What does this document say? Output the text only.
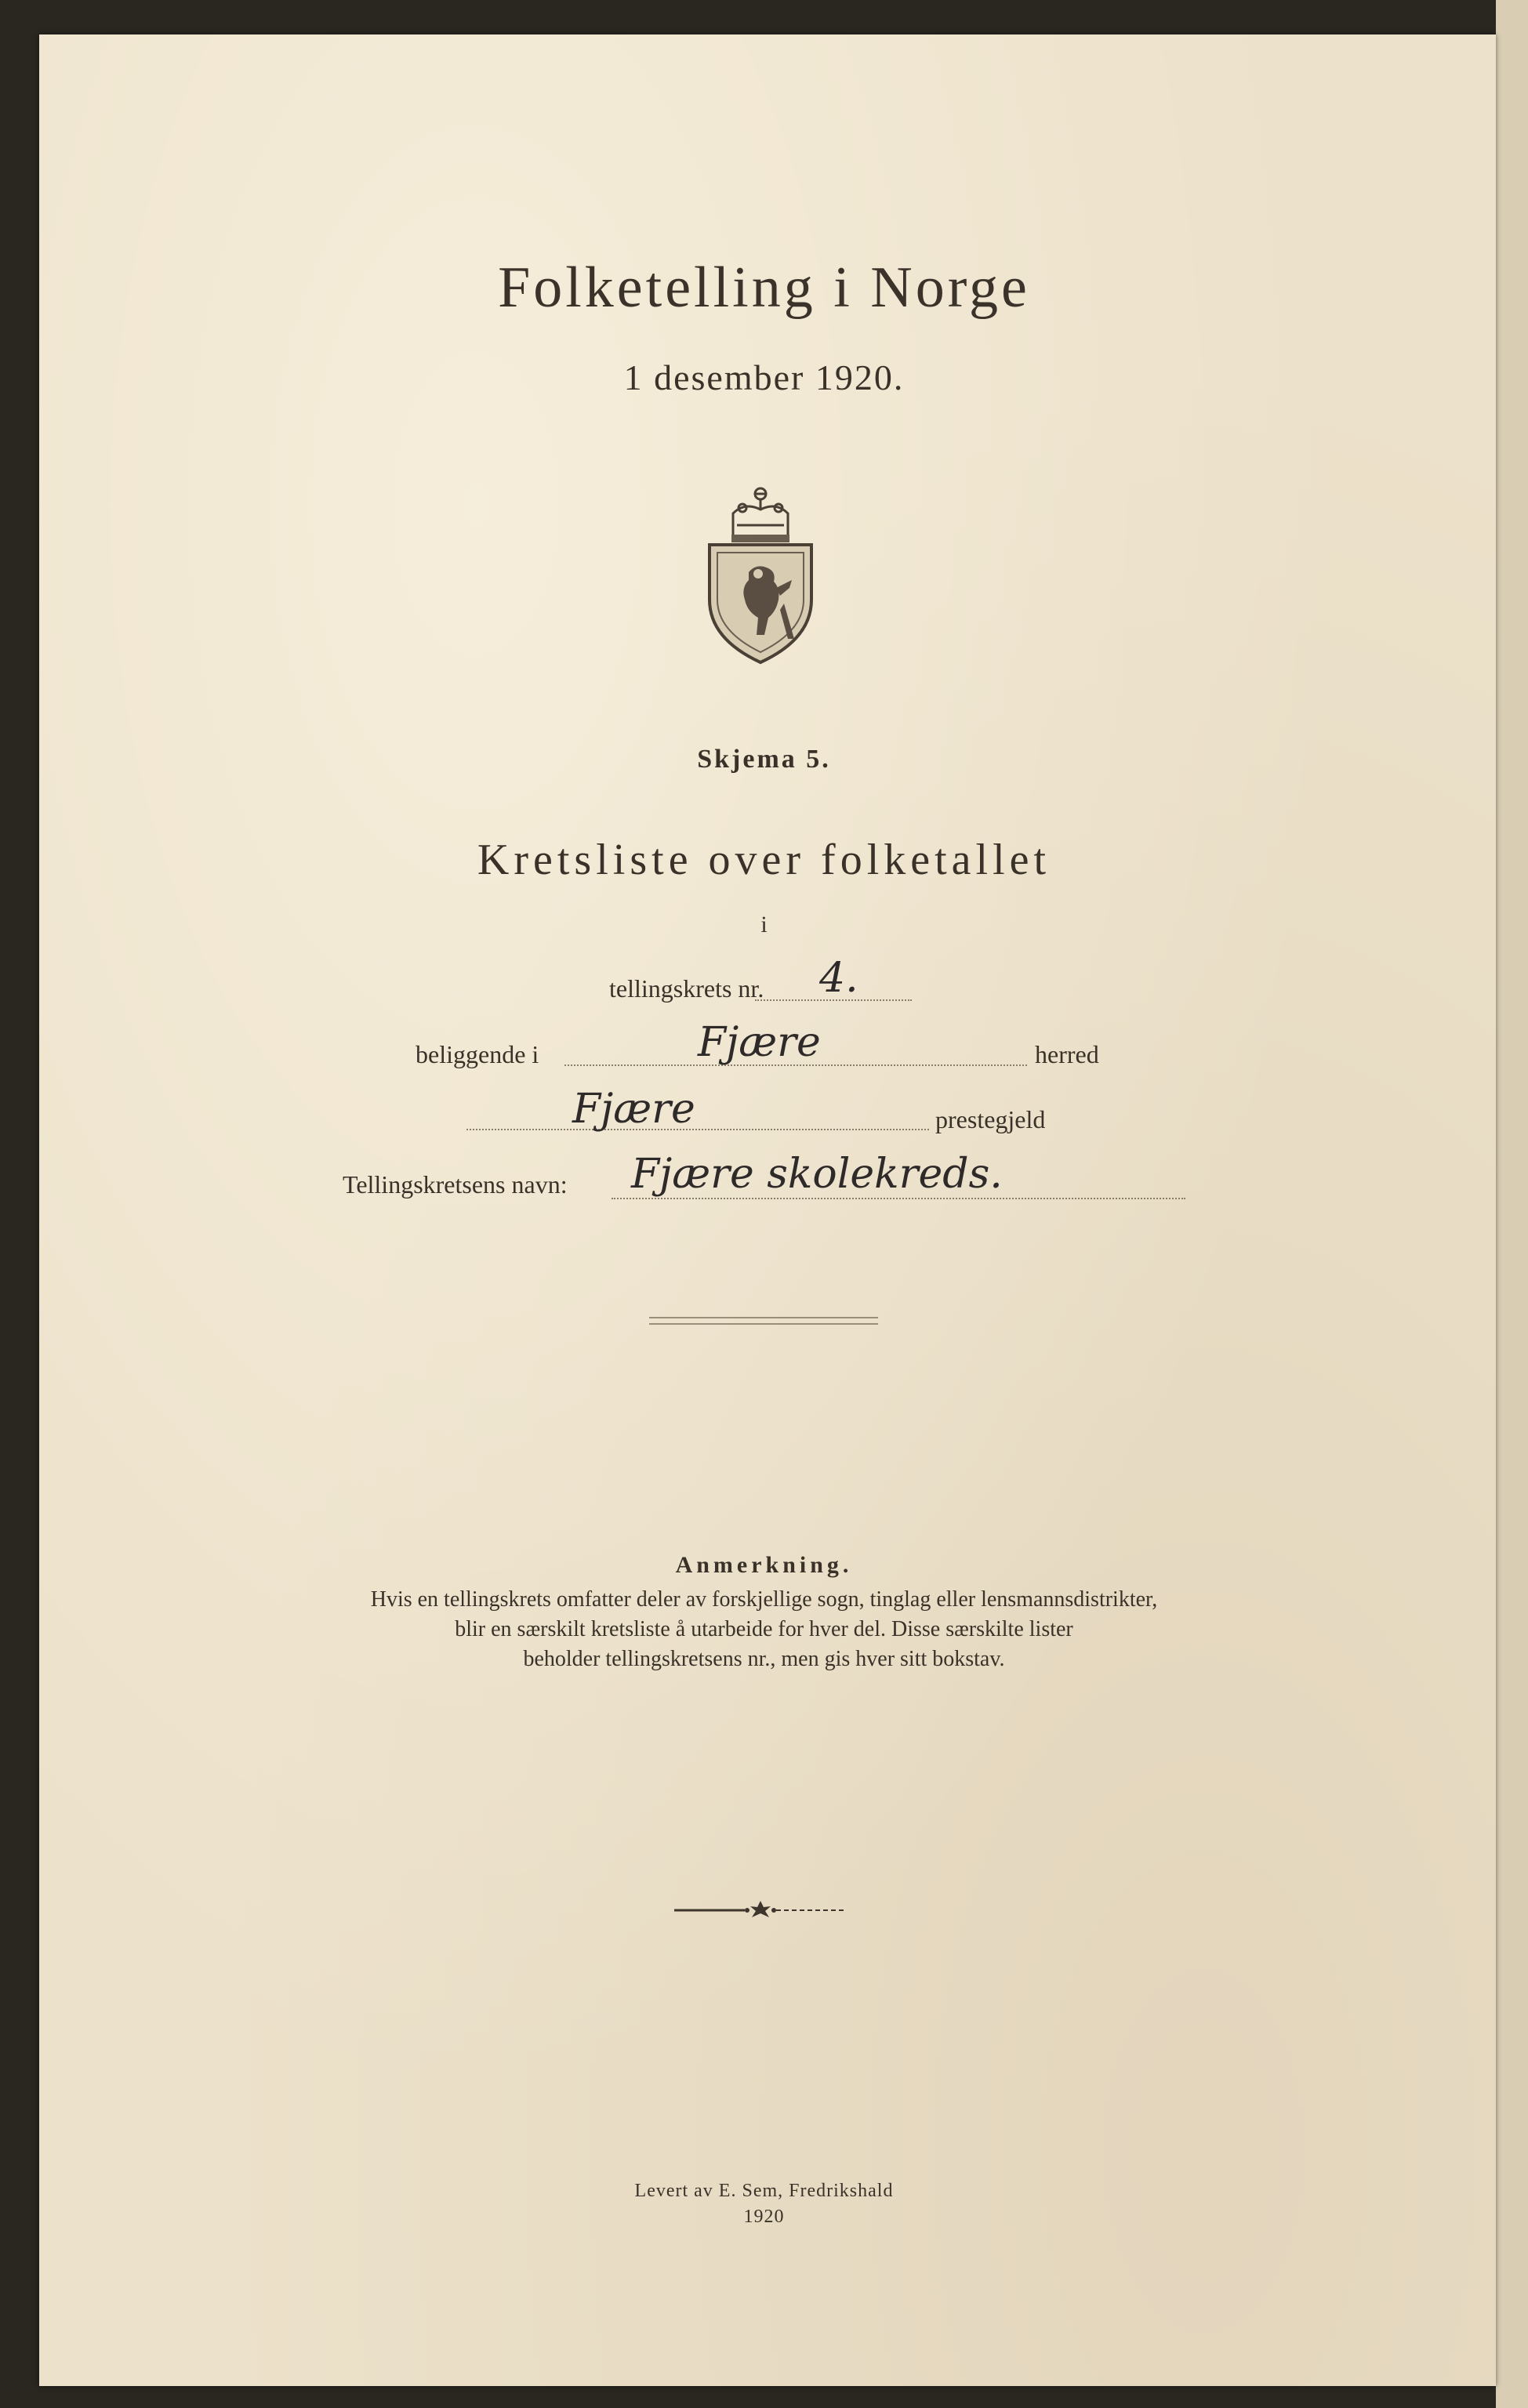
Folketelling i Norge
1 desember 1920.
Skjema 5.
Kretsliste over folketallet
i
tellingskrets nr. 4.
beliggende i	Fjære	herred
Fjære	prestegjeld
Tellingskretsens navn: Fjære skolekreds.
Anmerkning.
Hvis en tellingskrets omfatter deler av forskjellige sogn, tinglag eller lensmannsdistrikter,
blir en særskilt kretsliste å utarbeide for hver del. Disse særskilte lister
beholder tellingskretsens nr., men gis hver sitt bokstav.
Levert av E. Sem, Fredrikshald
1920
